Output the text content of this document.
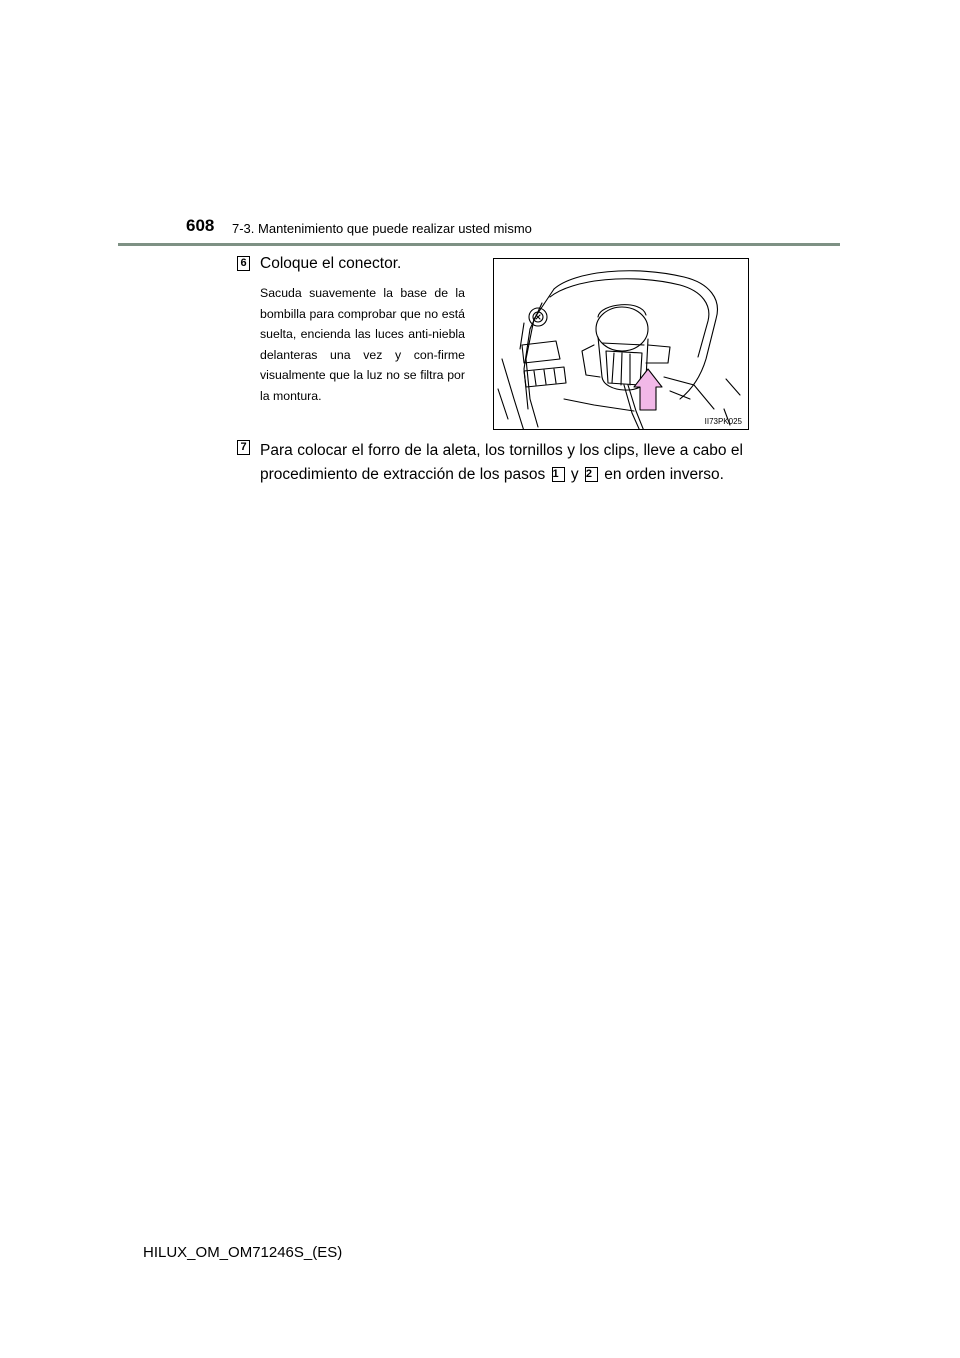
608 7-3. Mantenimiento que puede realizar usted mismo
6 Coloque el conector.
Sacuda suavemente la base de la bombilla para comprobar que no está suelta, encienda las luces anti-niebla delanteras una vez y con-firme visualmente que la luz no se filtra por la montura.
II73PK025
7 Para colocar el forro de la aleta, los tornillos y los clips, lleve a cabo el procedimiento de extracción de los pasos 1 y 2 en orden inverso.
HILUX_OM_OM71246S_(ES)
